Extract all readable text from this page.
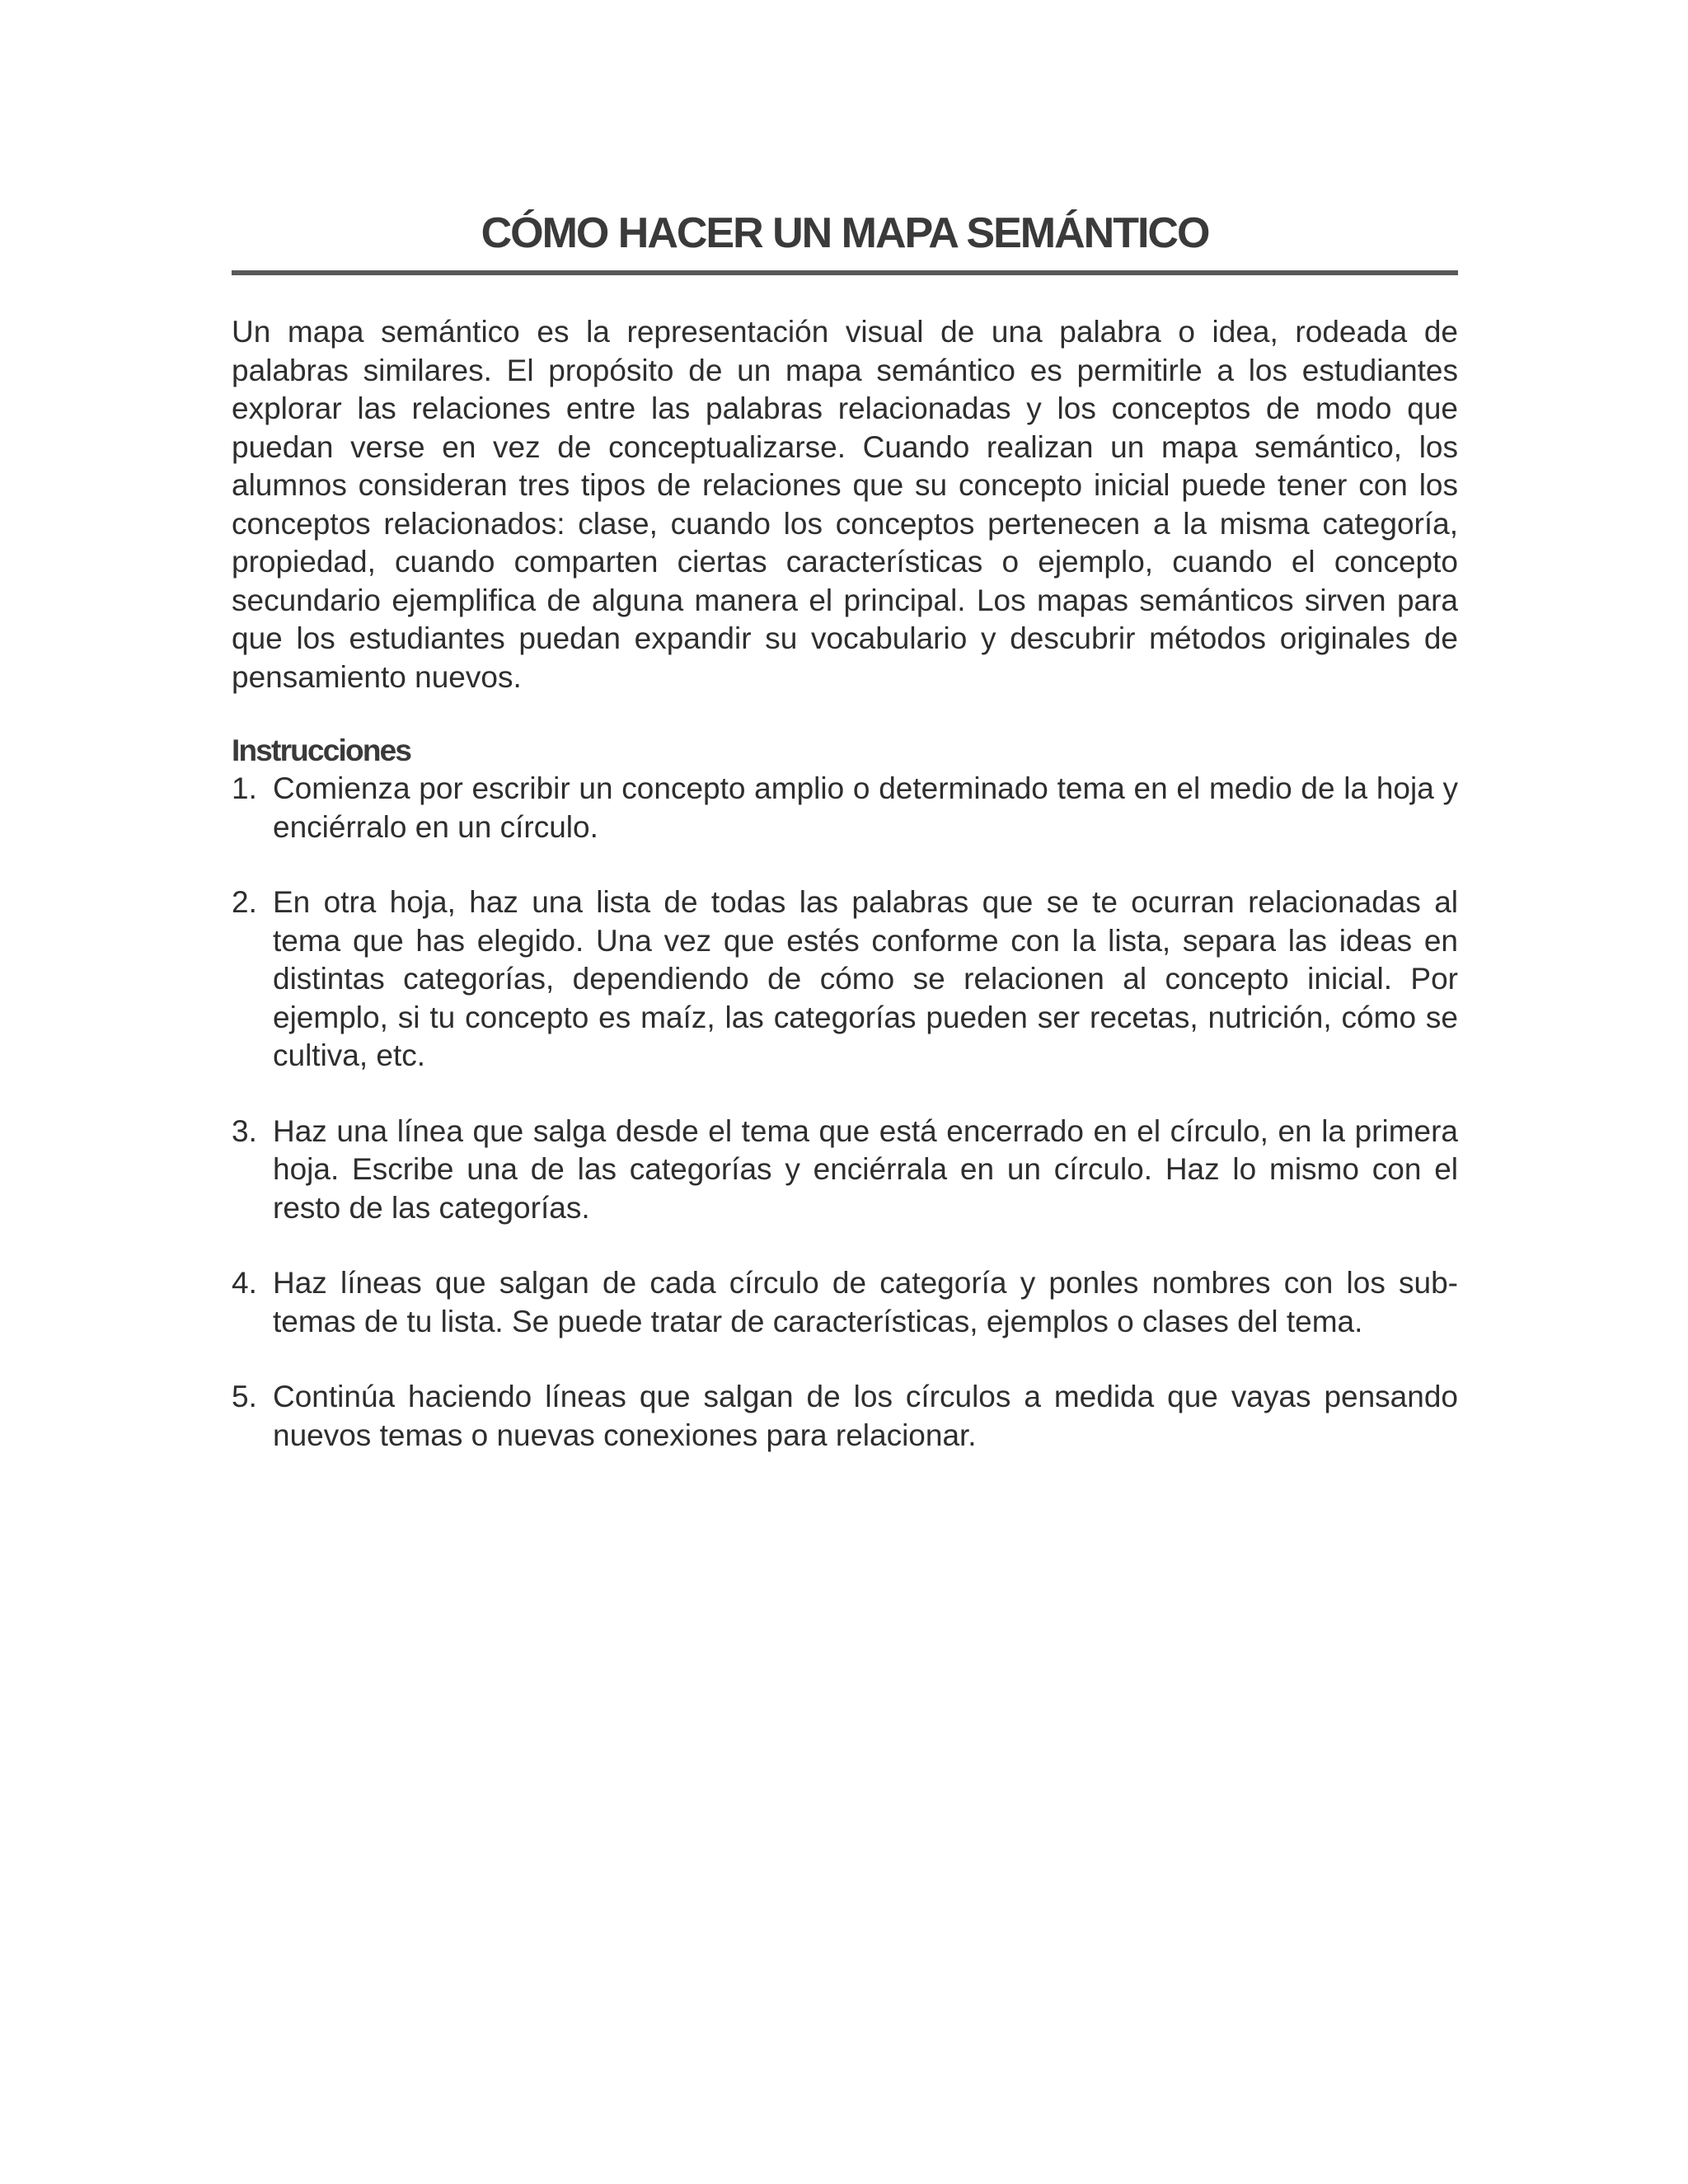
CÓMO HACER UN MAPA SEMÁNTICO

Un mapa semántico es la representación visual de una palabra o idea, rodeada de palabras similares. El propósito de un mapa semántico es permitirle a los estudiantes explorar las relaciones entre las palabras relacionadas y los conceptos de modo que puedan verse en vez de conceptualizarse. Cuando realizan un mapa semántico, los alumnos consideran tres tipos de relaciones que su concepto inicial puede tener con los conceptos relacionados: clase, cuando los conceptos pertenecen a la misma categoría, propiedad, cuando comparten ciertas características o ejemplo, cuando el concepto secundario ejemplifica de alguna manera el principal. Los mapas semánticos sirven para que los estudiantes puedan expandir su vocabulario y descubrir métodos originales de pensamiento nuevos.

Instrucciones
1. Comienza por escribir un concepto amplio o determinado tema en el medio de la hoja y enciérralo en un círculo.
2. En otra hoja, haz una lista de todas las palabras que se te ocurran relacionadas al tema que has elegido. Una vez que estés conforme con la lista, separa las ideas en distintas categorías, dependiendo de cómo se relacionen al concepto inicial. Por ejemplo, si tu concepto es maíz, las categorías pueden ser recetas, nutrición, cómo se cultiva, etc.
3. Haz una línea que salga desde el tema que está encerrado en el círculo, en la primera hoja. Escribe una de las categorías y enciérrala en un círculo. Haz lo mismo con el resto de las categorías.
4. Haz líneas que salgan de cada círculo de categoría y ponles nombres con los sub-temas de tu lista. Se puede tratar de características, ejemplos o clases del tema.
5. Continúa haciendo líneas que salgan de los círculos a medida que vayas pensando nuevos temas o nuevas conexiones para relacionar.
